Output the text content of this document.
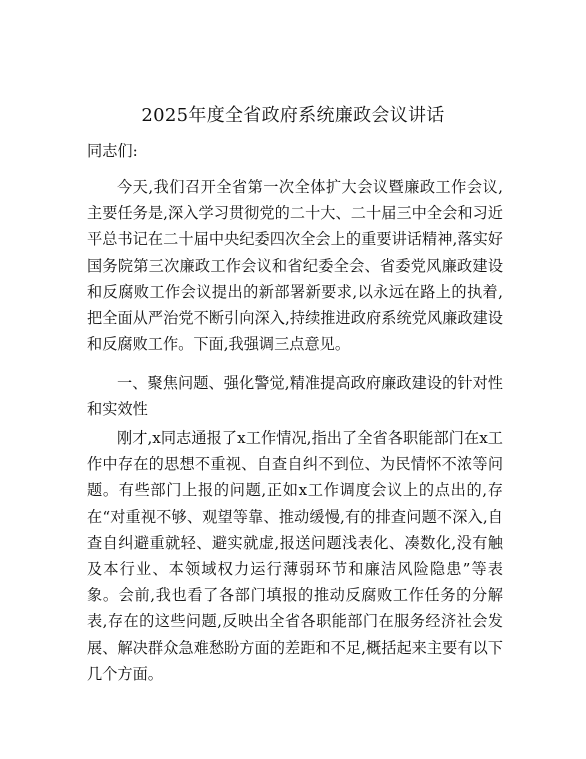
2025年度全省政府系统廉政会议讲话

同志们:

今天,我们召开全省第一次全体扩大会议暨廉政工作会议,主要任务是,深入学习贯彻党的二十大、二十届三中全会和习近平总书记在二十届中央纪委四次全会上的重要讲话精神,落实好国务院第三次廉政工作会议和省纪委全会、省委党风廉政建设和反腐败工作会议提出的新部署新要求,以永远在路上的执着,把全面从严治党不断引向深入,持续推进政府系统党风廉政建设和反腐败工作。下面,我强调三点意见。

一、聚焦问题、强化警觉,精准提高政府廉政建设的针对性和实效性

刚才,x同志通报了x工作情况,指出了全省各职能部门在x工作中存在的思想不重视、自查自纠不到位、为民情怀不浓等问题。有些部门上报的问题,正如x工作调度会议上的点出的,存在“对重视不够、观望等靠、推动缓慢,有的排查问题不深入,自查自纠避重就轻、避实就虚,报送问题浅表化、凑数化,没有触及本行业、本领域权力运行薄弱环节和廉洁风险隐患”等表象。会前,我也看了各部门填报的推动反腐败工作任务的分解表,存在的这些问题,反映出全省各职能部门在服务经济社会发展、解决群众急难愁盼方面的差距和不足,概括起来主要有以下几个方面。
